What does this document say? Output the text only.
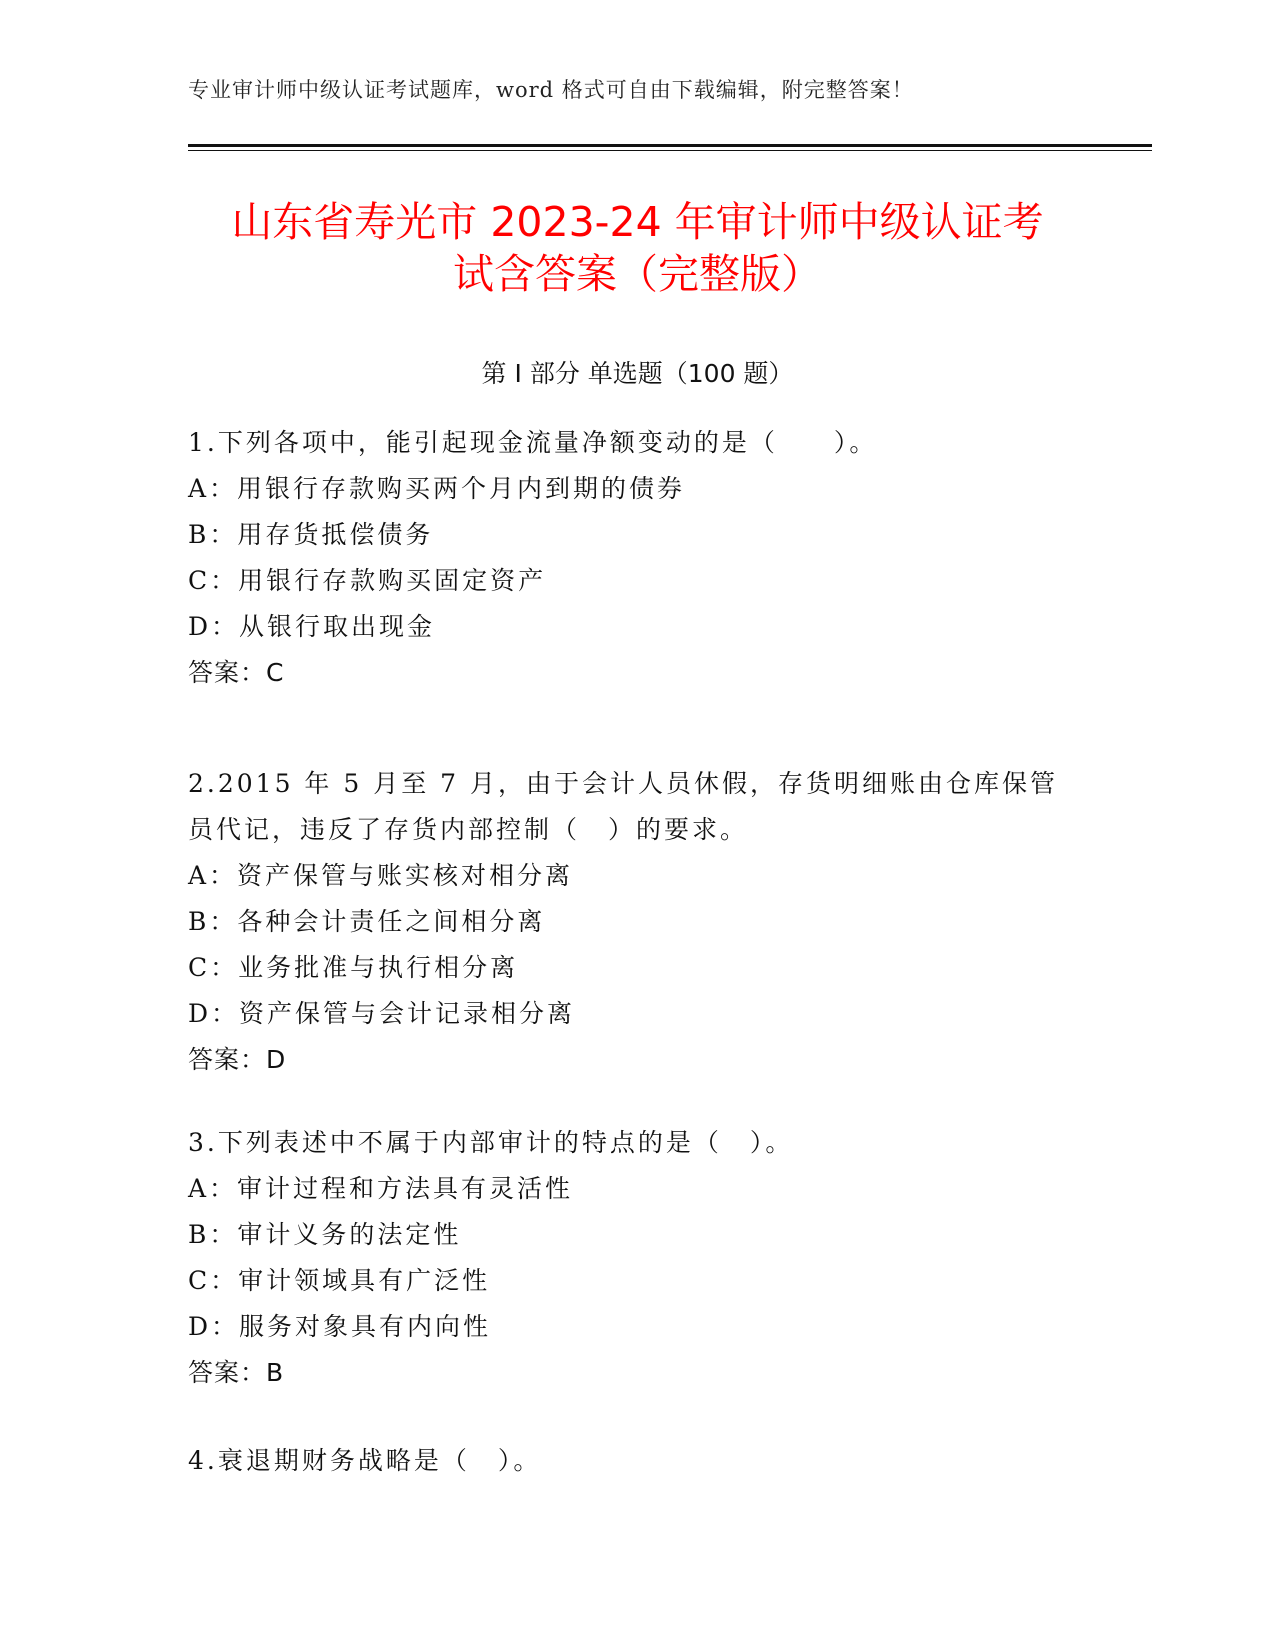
专业审计师中级认证考试题库，word 格式可自由下载编辑，附完整答案！
山东省寿光市 2023-24 年审计师中级认证考
试含答案（完整版）
第 I 部分 单选题（100 题）
1.下列各项中，能引起现金流量净额变动的是（　　）。
A：用银行存款购买两个月内到期的债券
B：用存货抵偿债务
C：用银行存款购买固定资产
D：从银行取出现金
答案：C
2.2015 年 5 月至 7 月，由于会计人员休假，存货明细账由仓库保管员代记，违反了存货内部控制（　）的要求。
A：资产保管与账实核对相分离
B：各种会计责任之间相分离
C：业务批准与执行相分离
D：资产保管与会计记录相分离
答案：D
3.下列表述中不属于内部审计的特点的是（　）。
A：审计过程和方法具有灵活性
B：审计义务的法定性
C：审计领域具有广泛性
D：服务对象具有内向性
答案：B
4.衰退期财务战略是（　）。
